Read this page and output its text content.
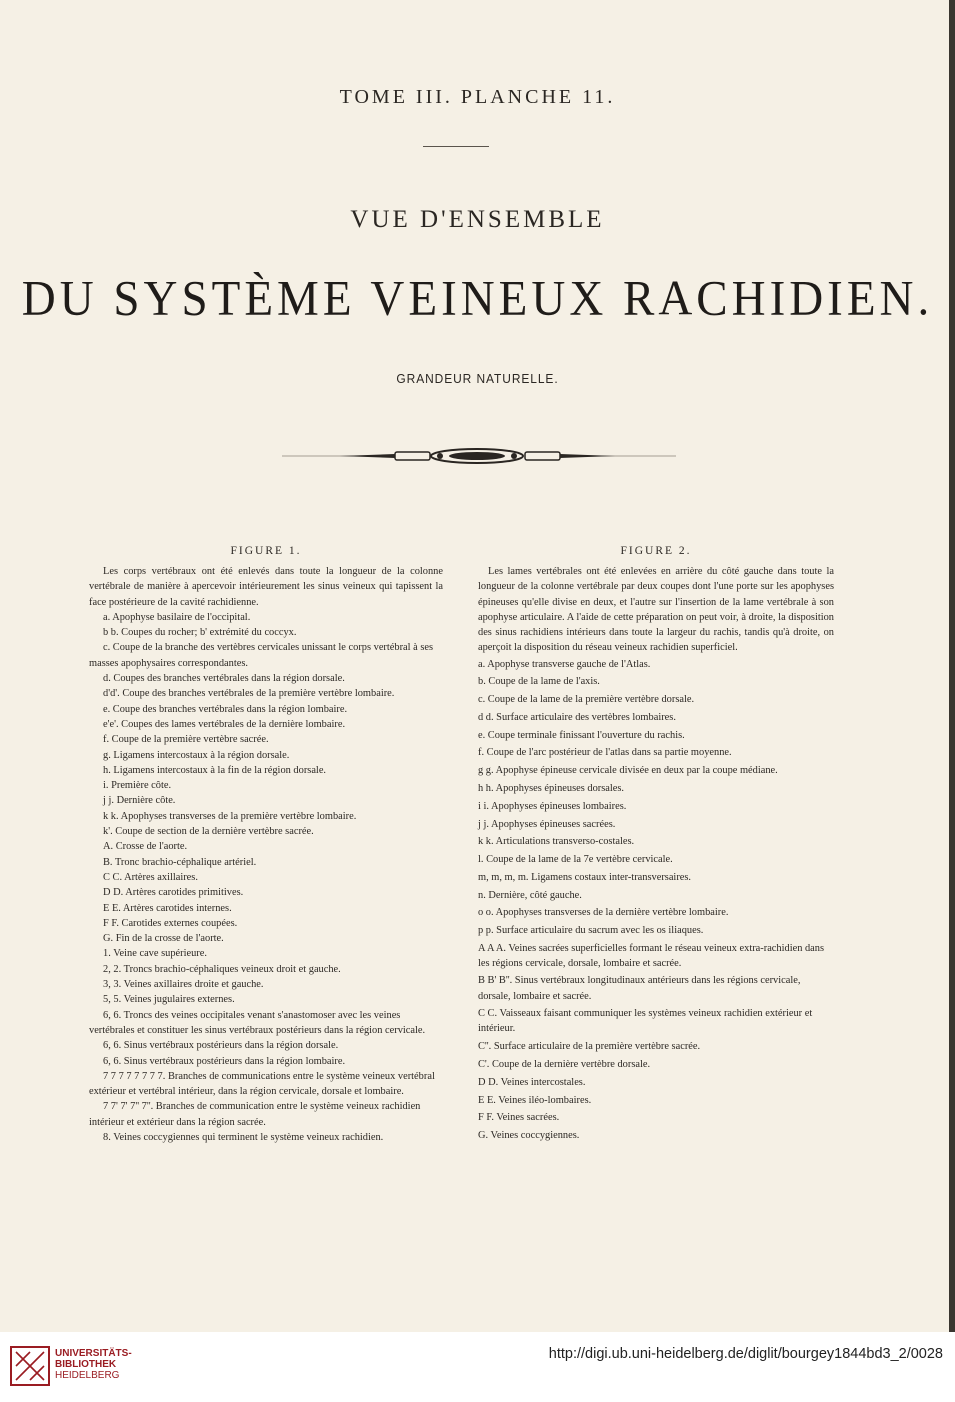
TOME III. PLANCHE 11.
VUE D'ENSEMBLE
DU SYSTÈME VEINEUX RACHIDIEN.
GRANDEUR NATURELLE.
FIGURE 1.

Les corps vertébraux ont été enlevés dans toute la longueur de la colonne vertébrale de manière à apercevoir intérieurement les sinus veineux qui tapissent la face postérieure de la cavité rachidienne.

a. Apophyse basilaire de l'occipital.

b b. Coupes du rocher; b' extrémité du coccyx.

c. Coupe de la branche des vertèbres cervicales unissant le corps vertébral à ses masses apophysaires correspondantes.

d. Coupes des branches vertébrales dans la région dorsale.

d'd'. Coupe des branches vertébrales de la première vertèbre lombaire.

e. Coupe des branches vertébrales dans la région lombaire.

e'e'. Coupes des lames vertébrales de la dernière lombaire.

f. Coupe de la première vertèbre sacrée.

g. Ligamens intercostaux à la région dorsale.

h. Ligamens intercostaux à la fin de la région dorsale.

i. Première côte.

j j. Dernière côte.

k k. Apophyses transverses de la première vertèbre lombaire.

k'. Coupe de section de la dernière vertèbre sacrée.

A. Crosse de l'aorte.

B. Tronc brachio-céphalique artériel.

C C. Artères axillaires.

D D. Artères carotides primitives.

E E. Artères carotides internes.

F F. Carotides externes coupées.

G. Fin de la crosse de l'aorte.

1. Veine cave supérieure.

2, 2. Troncs brachio-céphaliques veineux droit et gauche.

3, 3. Veines axillaires droite et gauche.

5, 5. Veines jugulaires externes.

6, 6. Troncs des veines occipitales venant s'anastomoser avec les veines vertébrales et constituer les sinus vertébraux postérieurs dans la région cervicale.

6, 6. Sinus vertébraux postérieurs dans la région dorsale.

6, 6. Sinus vertébraux postérieurs dans la région lombaire.

7 7 7 7 7 7 7 7. Branches de communications entre le système veineux vertébral extérieur et vertébral intérieur, dans la région cervicale, dorsale et lombaire.

7 7' 7' 7'' 7''. Branches de communication entre le système veineux rachidien intérieur et extérieur dans la région sacrée.

8. Veines coccygiennes qui terminent le système veineux rachidien.

FIGURE 2.

Les lames vertébrales ont été enlevées en arrière du côté gauche dans toute la longueur de la colonne vertébrale par deux coupes dont l'une porte sur les apophyses épineuses qu'elle divise en deux, et l'autre sur l'insertion de la lame vertébrale à son apophyse articulaire. A l'aide de cette préparation on peut voir, à droite, la disposition des sinus rachidiens intérieurs dans toute la largeur du rachis, tandis qu'à droite, on aperçoit la disposition du réseau veineux rachidien superficiel.

a. Apophyse transverse gauche de l'Atlas.

b. Coupe de la lame de l'axis.

c. Coupe de la lame de la première vertèbre dorsale.

d d. Surface articulaire des vertèbres lombaires.

e. Coupe terminale finissant l'ouverture du rachis.

f. Coupe de l'arc postérieur de l'atlas dans sa partie moyenne.

g g. Apophyse épineuse cervicale divisée en deux par la coupe médiane.

h h. Apophyses épineuses dorsales.

i i. Apophyses épineuses lombaires.

j j. Apophyses épineuses sacrées.

k k. Articulations transverso-costales.

l. Coupe de la lame de la 7e vertèbre cervicale.

m, m, m, m. Ligamens costaux inter-transversaires.

n. Dernière, côté gauche.

o o. Apophyses transverses de la dernière vertèbre lombaire.

p p. Surface articulaire du sacrum avec les os iliaques.

A A A. Veines sacrées superficielles formant le réseau veineux extra-rachidien dans les régions cervicale, dorsale, lombaire et sacrée.

B B' B''. Sinus vertébraux longitudinaux antérieurs dans les régions cervicale, dorsale, lombaire et sacrée.

C C. Vaisseaux faisant communiquer les systèmes veineux rachidien extérieur et intérieur.

C''. Surface articulaire de la première vertèbre sacrée.

C'. Coupe de la dernière vertèbre dorsale.

D D. Veines intercostales.

E E. Veines iléo-lombaires.

F F. Veines sacrées.

G. Veines coccygiennes.

UNIVERSITÄTS-
BIBLIOTHEK
HEIDELBERG
http://digi.ub.uni-heidelberg.de/diglit/bourgey1844bd3_2/0028
